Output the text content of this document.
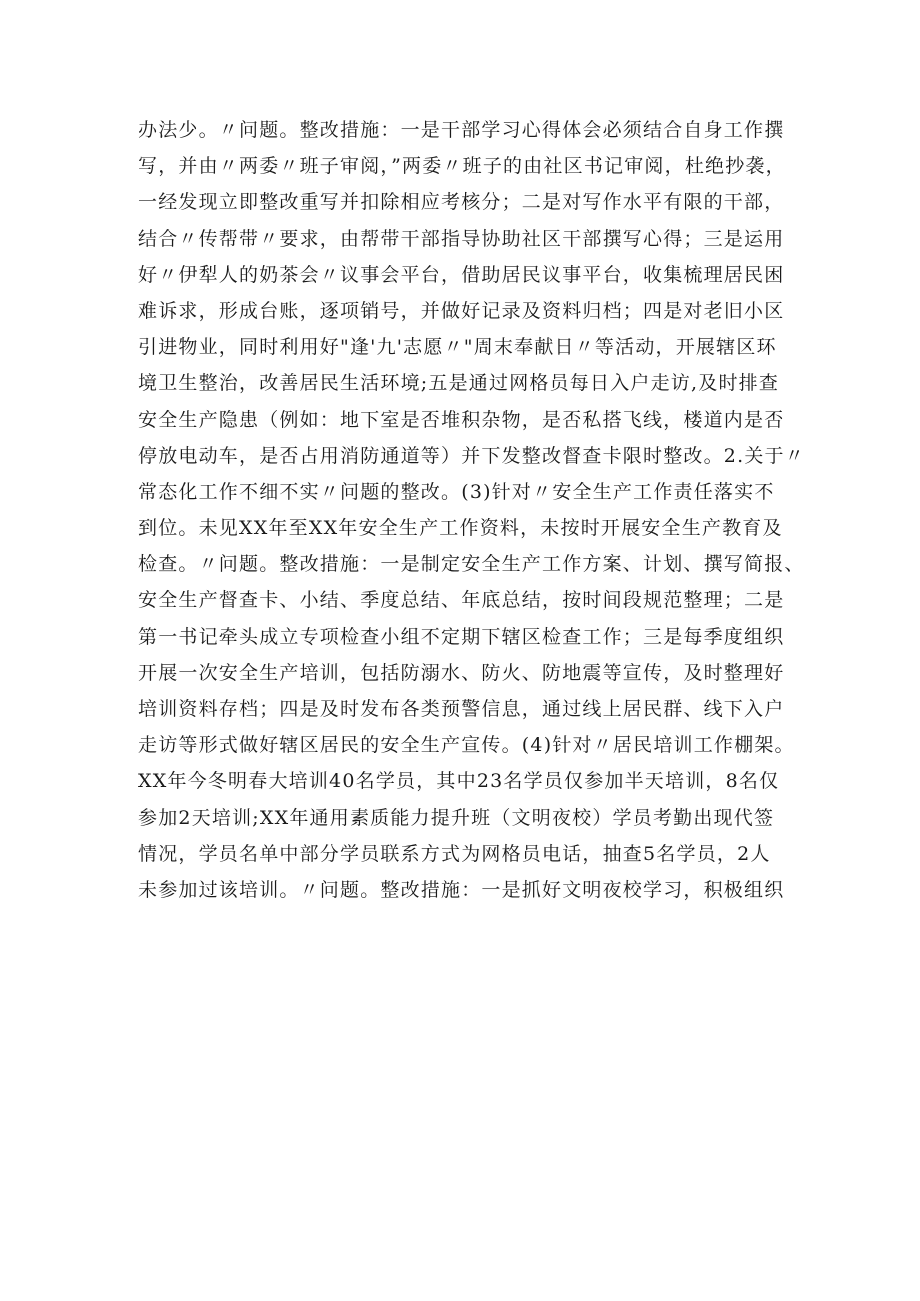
办法少。〃问题。整改措施：一是干部学习心得体会必须结合自身工作撰
写，并由〃两委〃班子审阅，”两委〃班子的由社区书记审阅，杜绝抄袭，
一经发现立即整改重写并扣除相应考核分；二是对写作水平有限的干部，
结合〃传帮带〃要求，由帮带干部指导协助社区干部撰写心得；三是运用
好〃伊犁人的奶茶会〃议事会平台，借助居民议事平台，收集梳理居民困
难诉求，形成台账，逐项销号，并做好记录及资料归档；四是对老旧小区
引进物业，同时利用好"逢'九'志愿〃"周末奉献日〃等活动，开展辖区环
境卫生整治，改善居民生活环境;五是通过网格员每日入户走访,及时排查
安全生产隐患（例如：地下室是否堆积杂物，是否私搭飞线，楼道内是否
停放电动车，是否占用消防通道等）并下发整改督查卡限时整改。2.关于〃
常态化工作不细不实〃问题的整改。(3)针对〃安全生产工作责任落实不
到位。未见XX年至XX年安全生产工作资料，未按时开展安全生产教育及
检查。〃问题。整改措施：一是制定安全生产工作方案、计划、撰写简报、
安全生产督查卡、小结、季度总结、年底总结，按时间段规范整理；二是
第一书记牵头成立专项检查小组不定期下辖区检查工作；三是每季度组织
开展一次安全生产培训，包括防溺水、防火、防地震等宣传，及时整理好
培训资料存档；四是及时发布各类预警信息，通过线上居民群、线下入户
走访等形式做好辖区居民的安全生产宣传。(4)针对〃居民培训工作棚架。
XX年今冬明春大培训40名学员，其中23名学员仅参加半天培训，8名仅
参加2天培训;XX年通用素质能力提升班（文明夜校）学员考勤出现代签
情况，学员名单中部分学员联系方式为网格员电话，抽查5名学员，2人
未参加过该培训。〃问题。整改措施：一是抓好文明夜校学习，积极组织
